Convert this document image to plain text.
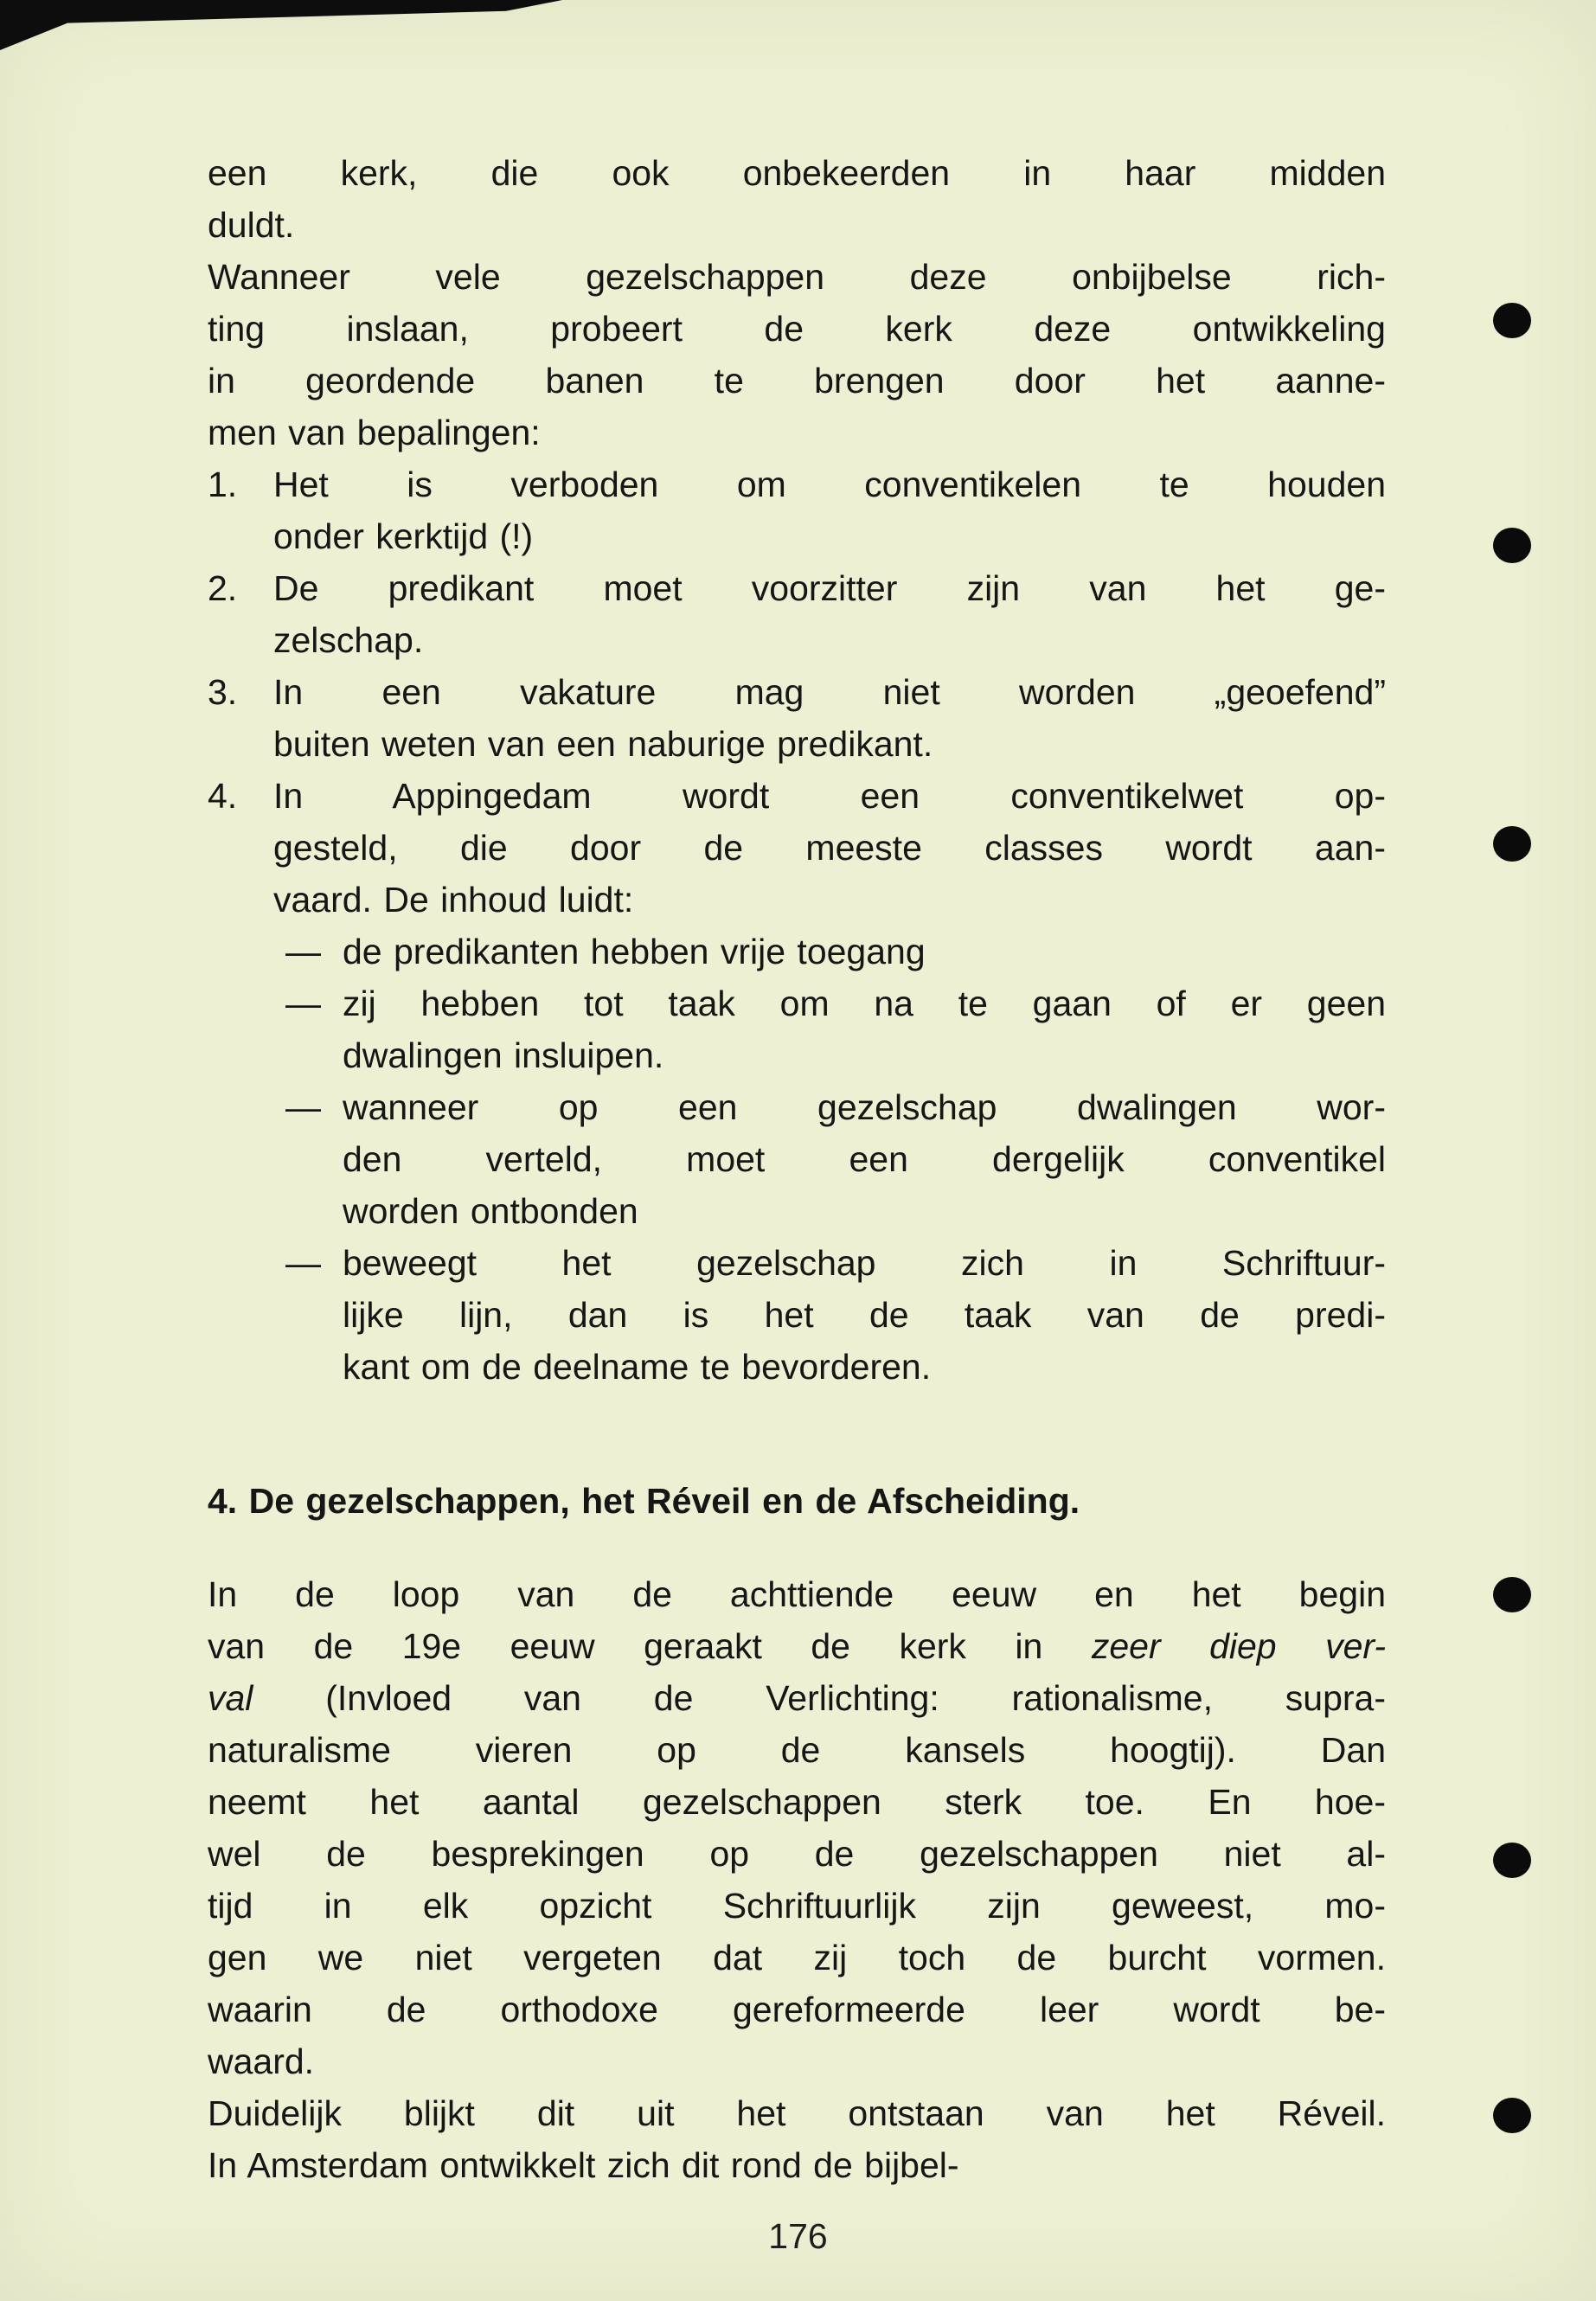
een kerk, die ook onbekeerden in haar midden
duldt.
Wanneer vele gezelschappen deze onbijbelse rich-
ting inslaan, probeert de kerk deze ontwikkeling
in geordende banen te brengen door het aanne-
men van bepalingen:
1.	Het is verboden om conventikelen te houden
onder kerktijd (!)
2.	De predikant moet voorzitter zijn van het ge-
zelschap.
3.	In een vakature mag niet worden „geoefend”
buiten weten van een naburige predikant.
4.	In Appingedam wordt een conventikelwet op-
gesteld, die door de meeste classes wordt aan-
vaard. De inhoud luidt:
— de predikanten hebben vrije toegang
— zij hebben tot taak om na te gaan of er geen
dwalingen insluipen.
— wanneer op een gezelschap dwalingen wor-
den verteld, moet een dergelijk conventikel
worden ontbonden
— beweegt het gezelschap zich in Schriftuur-
lijke lijn, dan is het de taak van de predi-
kant om de deelname te bevorderen.
4. De gezelschappen, het Réveil en de Afscheiding.
In de loop van de achttiende eeuw en het begin
van de 19e eeuw geraakt de kerk in zeer diep ver-
val (Invloed van de Verlichting: rationalisme, supra-
naturalisme vieren op de kansels hoogtij). Dan
neemt het aantal gezelschappen sterk toe. En hoe-
wel de besprekingen op de gezelschappen niet al-
tijd in elk opzicht Schriftuurlijk zijn geweest, mo-
gen we niet vergeten dat zij toch de burcht vormen.
waarin de orthodoxe gereformeerde leer wordt be-
waard.
Duidelijk blijkt dit uit het ontstaan van het Réveil.
In Amsterdam ontwikkelt zich dit rond de bijbel-
176
